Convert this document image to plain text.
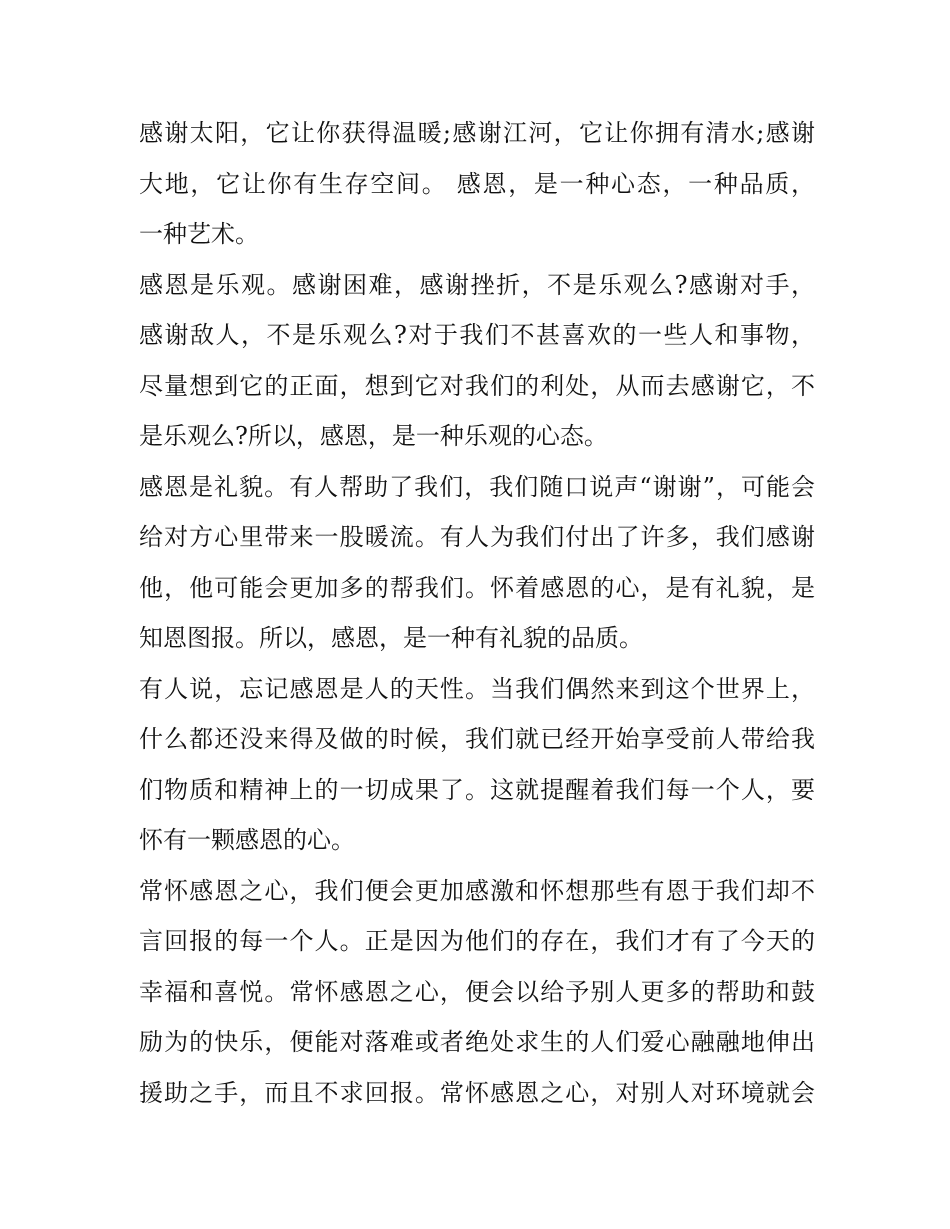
感谢太阳，它让你获得温暖;感谢江河，它让你拥有清水;感谢
大地，它让你有生存空间。 感恩，是一种心态，一种品质，
一种艺术。
感恩是乐观。感谢困难，感谢挫折，不是乐观么?感谢对手，
感谢敌人，不是乐观么?对于我们不甚喜欢的一些人和事物，
尽量想到它的正面，想到它对我们的利处，从而去感谢它，不
是乐观么?所以，感恩，是一种乐观的心态。
感恩是礼貌。有人帮助了我们，我们随口说声“谢谢”，可能会
给对方心里带来一股暖流。有人为我们付出了许多，我们感谢
他，他可能会更加多的帮我们。怀着感恩的心，是有礼貌，是
知恩图报。所以，感恩，是一种有礼貌的品质。
有人说，忘记感恩是人的天性。当我们偶然来到这个世界上，
什么都还没来得及做的时候，我们就已经开始享受前人带给我
们物质和精神上的一切成果了。这就提醒着我们每一个人，要
怀有一颗感恩的心。
常怀感恩之心，我们便会更加感激和怀想那些有恩于我们却不
言回报的每一个人。正是因为他们的存在，我们才有了今天的
幸福和喜悦。常怀感恩之心，便会以给予别人更多的帮助和鼓
励为的快乐，便能对落难或者绝处求生的人们爱心融融地伸出
援助之手，而且不求回报。常怀感恩之心，对别人对环境就会
